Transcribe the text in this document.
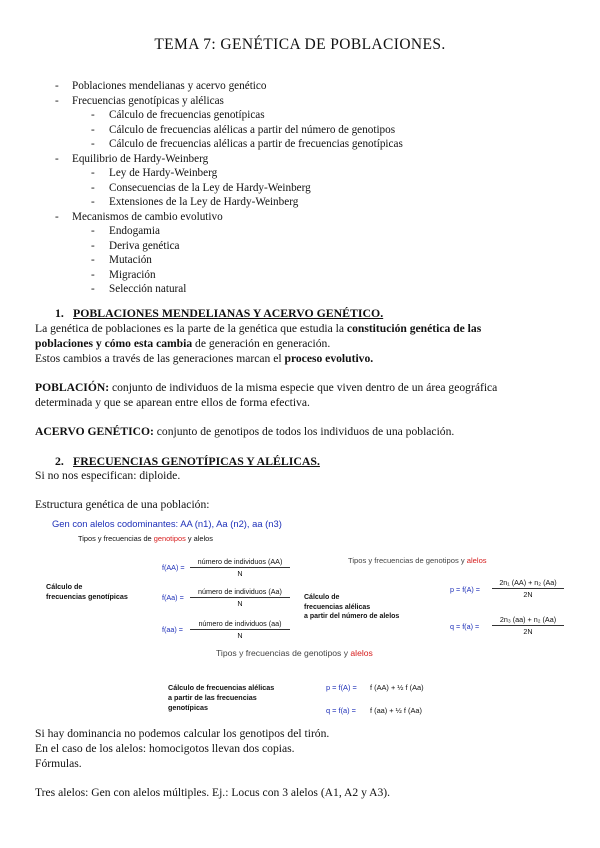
TEMA 7: GENÉTICA DE POBLACIONES.
- Poblaciones mendelianas y acervo genético
- Frecuencias genotípicas y alélicas
- Cálculo de frecuencias genotípicas
- Cálculo de frecuencias alélicas a partir del número de genotipos
- Cálculo de frecuencias alélicas a partir de frecuencias genotípicas
- Equilibrio de Hardy-Weinberg
- Ley de Hardy-Weinberg
- Consecuencias de la Ley de Hardy-Weinberg
- Extensiones de la Ley de Hardy-Weinberg
- Mecanismos de cambio evolutivo
- Endogamia
- Deriva genética
- Mutación
- Migración
- Selección natural
1. POBLACIONES MENDELIANAS Y ACERVO GENÉTICO.
La genética de poblaciones es la parte de la genética que estudia la constitución genética de las
poblaciones y cómo esta cambia de generación en generación.
Estos cambios a través de las generaciones marcan el proceso evolutivo.
POBLACIÓN: conjunto de individuos de la misma especie que viven dentro de un área geográfica
determinada y que se aparean entre ellos de forma efectiva.
ACERVO GENÉTICO: conjunto de genotipos de todos los individuos de una población.
2. FRECUENCIAS GENOTÍPICAS Y ALÉLICAS.
Si no nos especifican: diploide.
Estructura genética de una población:
Gen con alelos codominantes: AA (n1), Aa (n2), aa (n3)
Tipos y frecuencias de genotipos y alelos
Tipos y frecuencias de genotipos y alelos
Cálculo de
frecuencias genotípicas
f(AA) =
número de individuos (AA)
N
f(Aa) =
número de individuos (Aa)
N
f(aa) =
número de individuos (aa)
N
Cálculo de
frecuencias alélicas
a partir del número de alelos
$p = f(A) = \frac{\text{2n₁ (AA) + n₂ (Aa)}}{2N}$
$q = f(a) = \frac{\text{2n₃ (aa) + n₂ (Aa)}}{2N}$
Tipos y frecuencias de genotipos y alelos
Cálculo de frecuencias alélicas
a partir de las frecuencias
genotípicas
p = f(A) = f (AA) + ½ f (Aa)
q = f(a) = f (aa) + ½ f (Aa)
Si hay dominancia no podemos calcular los genotipos del tirón.
En el caso de los alelos: homocigotos llevan dos copias.
Fórmulas.
Tres alelos: Gen con alelos múltiples. Ej.: Locus con 3 alelos (A1, A2 y A3).
